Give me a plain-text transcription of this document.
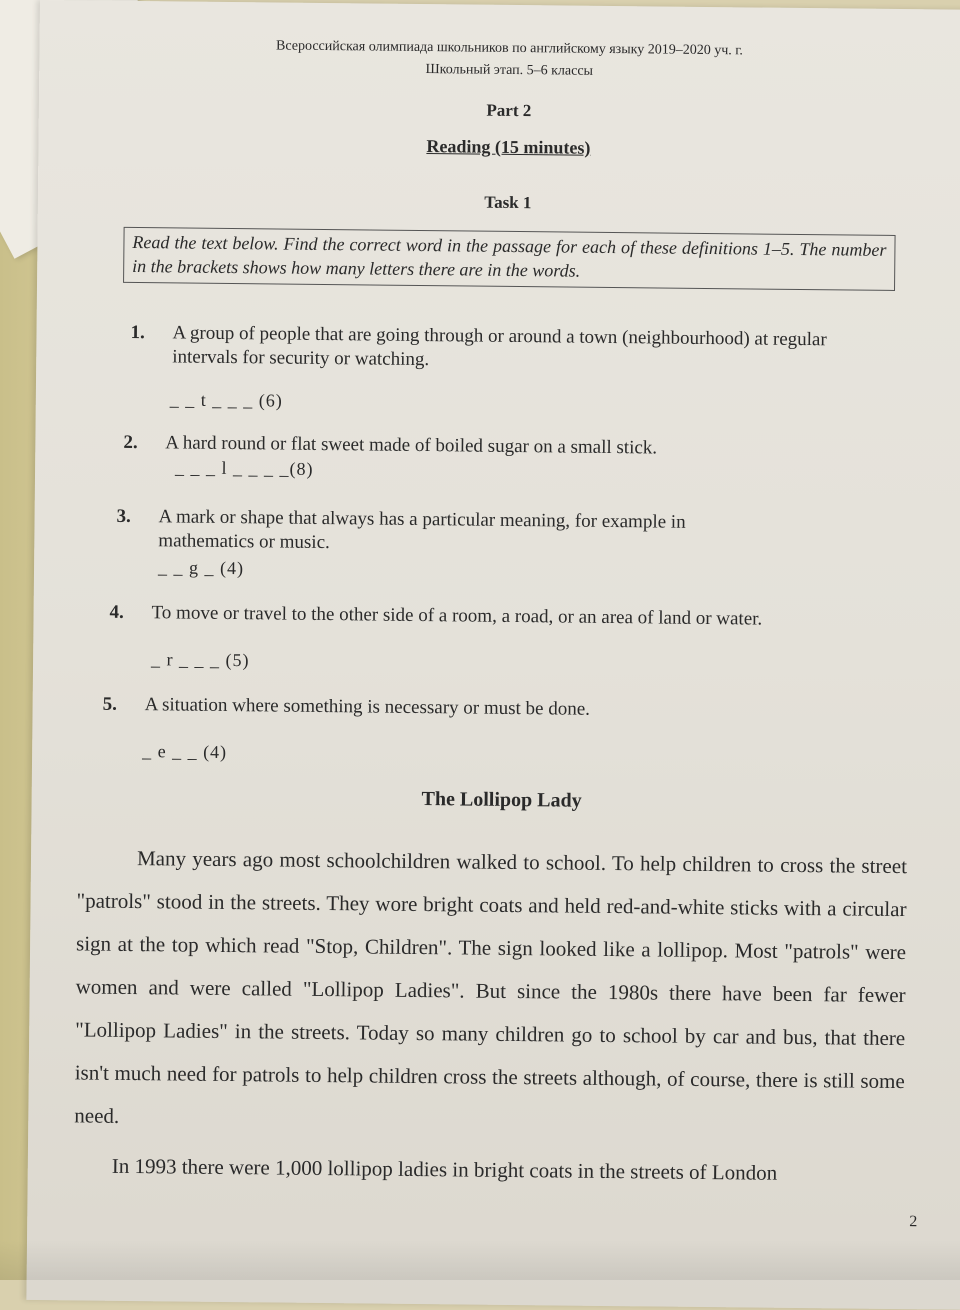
Всероссийская олимпиада школьников по английскому языку 2019–2020 уч. г.
Школьный этап. 5–6 классы
Part 2
Reading (15 minutes)
Task 1
Read the text below. Find the correct word in the passage for each of these definitions 1–5. The number in the brackets shows how many letters there are in the words.
1. A group of people that are going through or around a town (neighbourhood) at regular intervals for security or watching.
_ _ t _ _ _ (6)
2. A hard round or flat sweet made of boiled sugar on a small stick.
_ _ _ l _ _ _ _(8)
3. A mark or shape that always has a particular meaning, for example in mathematics or music.
_ _ g _ (4)
4. To move or travel to the other side of a room, a road, or an area of land or water.
_ r _ _ _ (5)
5. A situation where something is necessary or must be done.
_ e _ _ (4)
The Lollipop Lady
Many years ago most schoolchildren walked to school. To help children to cross the street "patrols" stood in the streets. They wore bright coats and held red-and-white sticks with a circular sign at the top which read "Stop, Children". The sign looked like a lollipop. Most "patrols" were women and were called "Lollipop Ladies". But since the 1980s there have been far fewer "Lollipop Ladies" in the streets. Today so many children go to school by car and bus, that there isn't much need for patrols to help children cross the streets although, of course, there is still some need.
In 1993 there were 1,000 lollipop ladies in bright coats in the streets of London
2
